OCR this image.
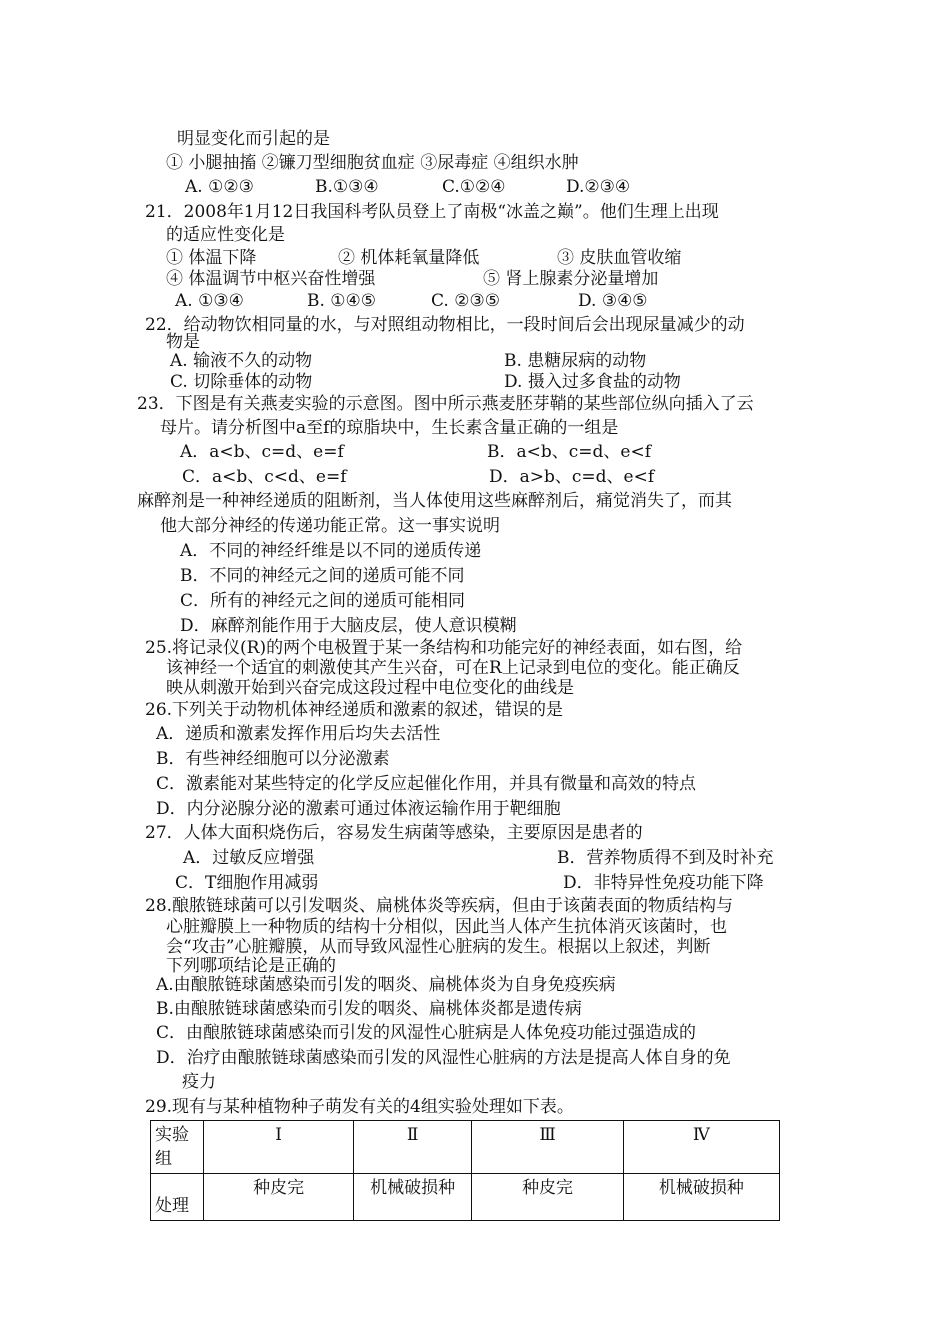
明显变化而引起的是
① 小腿抽搐 ②镰刀型细胞贫血症 ③尿毒症 ④组织水肿
A. ①②③	B.①③④	C.①②④	D.②③④
21．2008年1月12日我国科考队员登上了南极“冰盖之巅”。他们生理上出现
的适应性变化是
① 体温下降	② 机体耗氧量降低	③ 皮肤血管收缩
④ 体温调节中枢兴奋性增强	⑤ 肾上腺素分泌量增加
A. ①③④	B. ①④⑤	C. ②③⑤	D. ③④⑤
22．给动物饮相同量的水，与对照组动物相比，一段时间后会出现尿量减少的动
物是
A. 输液不久的动物	B. 患糖尿病的动物
C. 切除垂体的动物	D. 摄入过多食盐的动物
23．下图是有关燕麦实验的示意图。图中所示燕麦胚芽鞘的某些部位纵向插入了云
母片。请分析图中a至f的琼脂块中，生长素含量正确的一组是
A．a<b、c=d、e=f	B．a<b、c=d、e<f
C．a<b、c<d、e=f	D．a>b、c=d、e<f
麻醉剂是一种神经递质的阻断剂，当人体使用这些麻醉剂后，痛觉消失了，而其
他大部分神经的传递功能正常。这一事实说明
A．不同的神经纤维是以不同的递质传递
B．不同的神经元之间的递质可能不同
C．所有的神经元之间的递质可能相同
D．麻醉剂能作用于大脑皮层，使人意识模糊
25.将记录仪(R)的两个电极置于某一条结构和功能完好的神经表面，如右图，给
该神经一个适宜的刺激使其产生兴奋，可在R上记录到电位的变化。能正确反
映从刺激开始到兴奋完成这段过程中电位变化的曲线是
26.下列关于动物机体神经递质和激素的叙述，错误的是
A．递质和激素发挥作用后均失去活性
B．有些神经细胞可以分泌激素
C．激素能对某些特定的化学反应起催化作用，并具有微量和高效的特点
D．内分泌腺分泌的激素可通过体液运输作用于靶细胞
27．人体大面积烧伤后，容易发生病菌等感染，主要原因是患者的
A．过敏反应增强	B．营养物质得不到及时补充
C．T细胞作用减弱	D．非特异性免疫功能下降
28.酿脓链球菌可以引发咽炎、扁桃体炎等疾病，但由于该菌表面的物质结构与
心脏瓣膜上一种物质的结构十分相似，因此当人体产生抗体消灭该菌时，也
会“攻击”心脏瓣膜，从而导致风湿性心脏病的发生。根据以上叙述，判断
下列哪项结论是正确的
A.由酿脓链球菌感染而引发的咽炎、扁桃体炎为自身免疫疾病
B.由酿脓链球菌感染而引发的咽炎、扁桃体炎都是遗传病
C．由酿脓链球菌感染而引发的风湿性心脏病是人体免疫功能过强造成的
D．治疗由酿脓链球菌感染而引发的风湿性心脏病的方法是提高人体自身的免
疫力
29.现有与某种植物种子萌发有关的4组实验处理如下表。
实验组	Ⅰ	Ⅱ	Ⅲ	Ⅳ
处理	种皮完	机械破损种	种皮完	机械破损种
